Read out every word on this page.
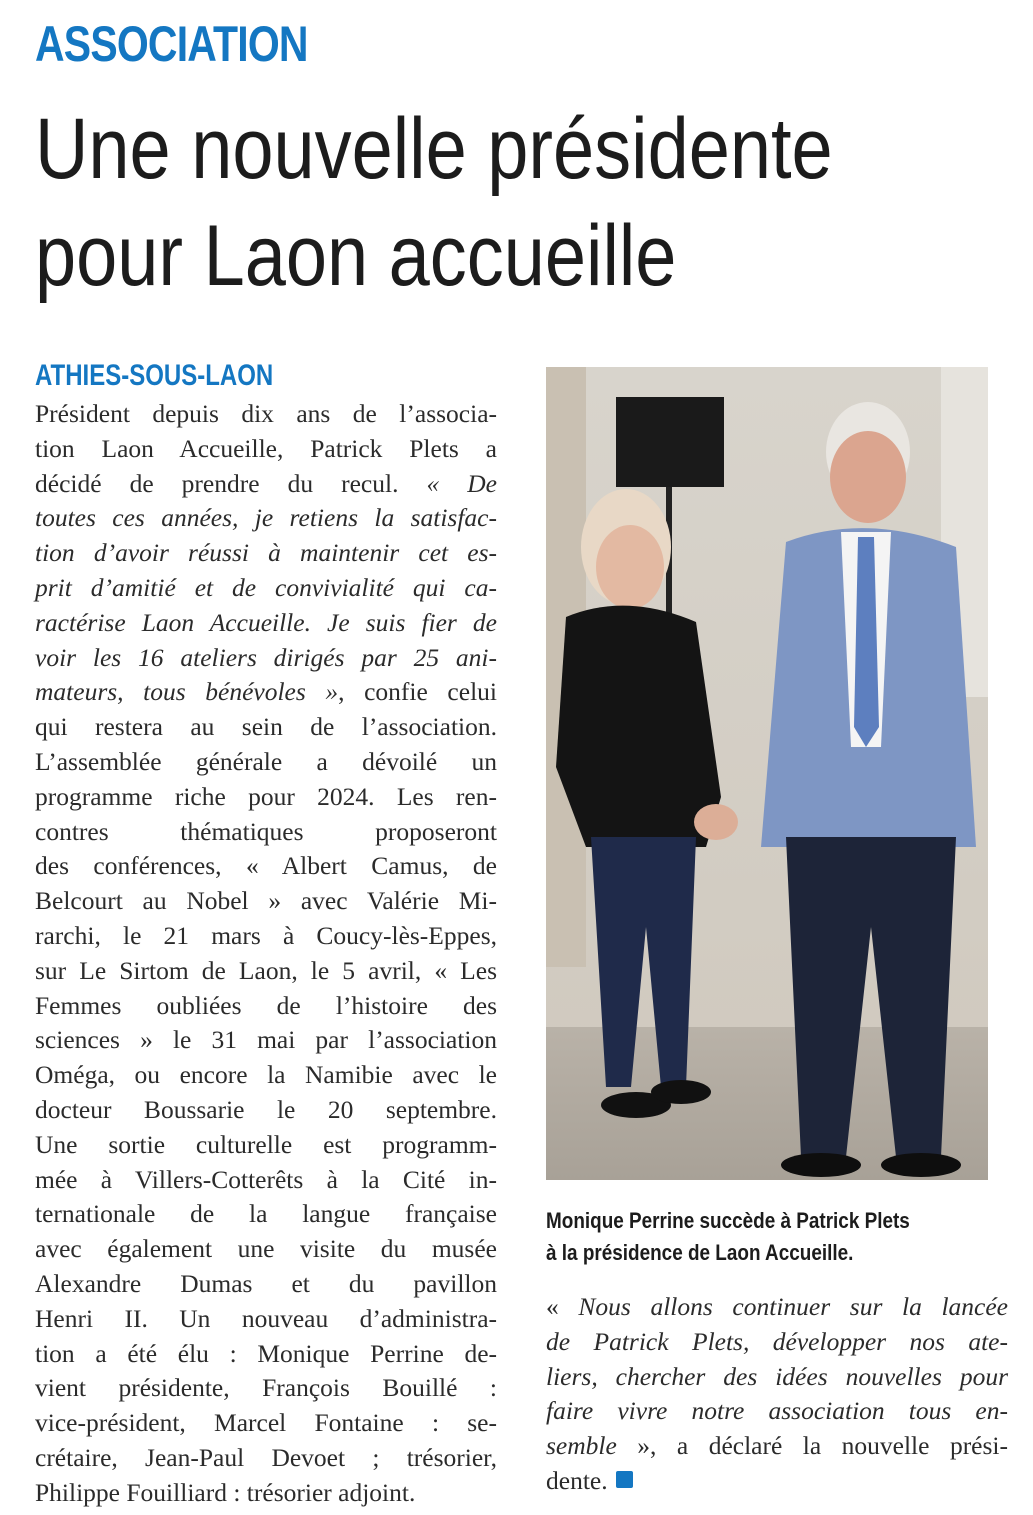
ASSOCIATION
Une nouvelle présidente
pour Laon accueille
ATHIES-SOUS-LAON
Président depuis dix ans de l’associa-
tion Laon Accueille, Patrick Plets a
décidé de prendre du recul. « De
toutes ces années, je retiens la satisfac-
tion d’avoir réussi à maintenir cet es-
prit d’amitié et de convivialité qui ca-
ractérise Laon Accueille. Je suis fier de
voir les 16 ateliers dirigés par 25 ani-
mateurs, tous bénévoles », confie celui
qui restera au sein de l’association.
L’assemblée générale a dévoilé un
programme riche pour 2024. Les ren-
contres thématiques proposeront
des conférences, « Albert Camus, de
Belcourt au Nobel » avec Valérie Mi-
rarchi, le 21 mars à Coucy-lès-Eppes,
sur Le Sirtom de Laon, le 5 avril, « Les
Femmes oubliées de l’histoire des
sciences » le 31 mai par l’association
Oméga, ou encore la Namibie avec le
docteur Boussarie le 20 septembre.
Une sortie culturelle est programm-
mée à Villers-Cotterêts à la Cité in-
ternationale de la langue française
avec également une visite du musée
Alexandre Dumas et du pavillon
Henri II. Un nouveau d’administra-
tion a été élu : Monique Perrine de-
vient présidente, François Bouillé :
vice-président, Marcel Fontaine : se-
crétaire, Jean-Paul Devoet ; trésorier,
Philippe Fouilliard : trésorier adjoint.
Monique Perrine succède à Patrick Plets
à la présidence de Laon Accueille.
« Nous allons continuer sur la lancée
de Patrick Plets, développer nos ate-
liers, chercher des idées nouvelles pour
faire vivre notre association tous en-
semble », a déclaré la nouvelle prési-
dente.
